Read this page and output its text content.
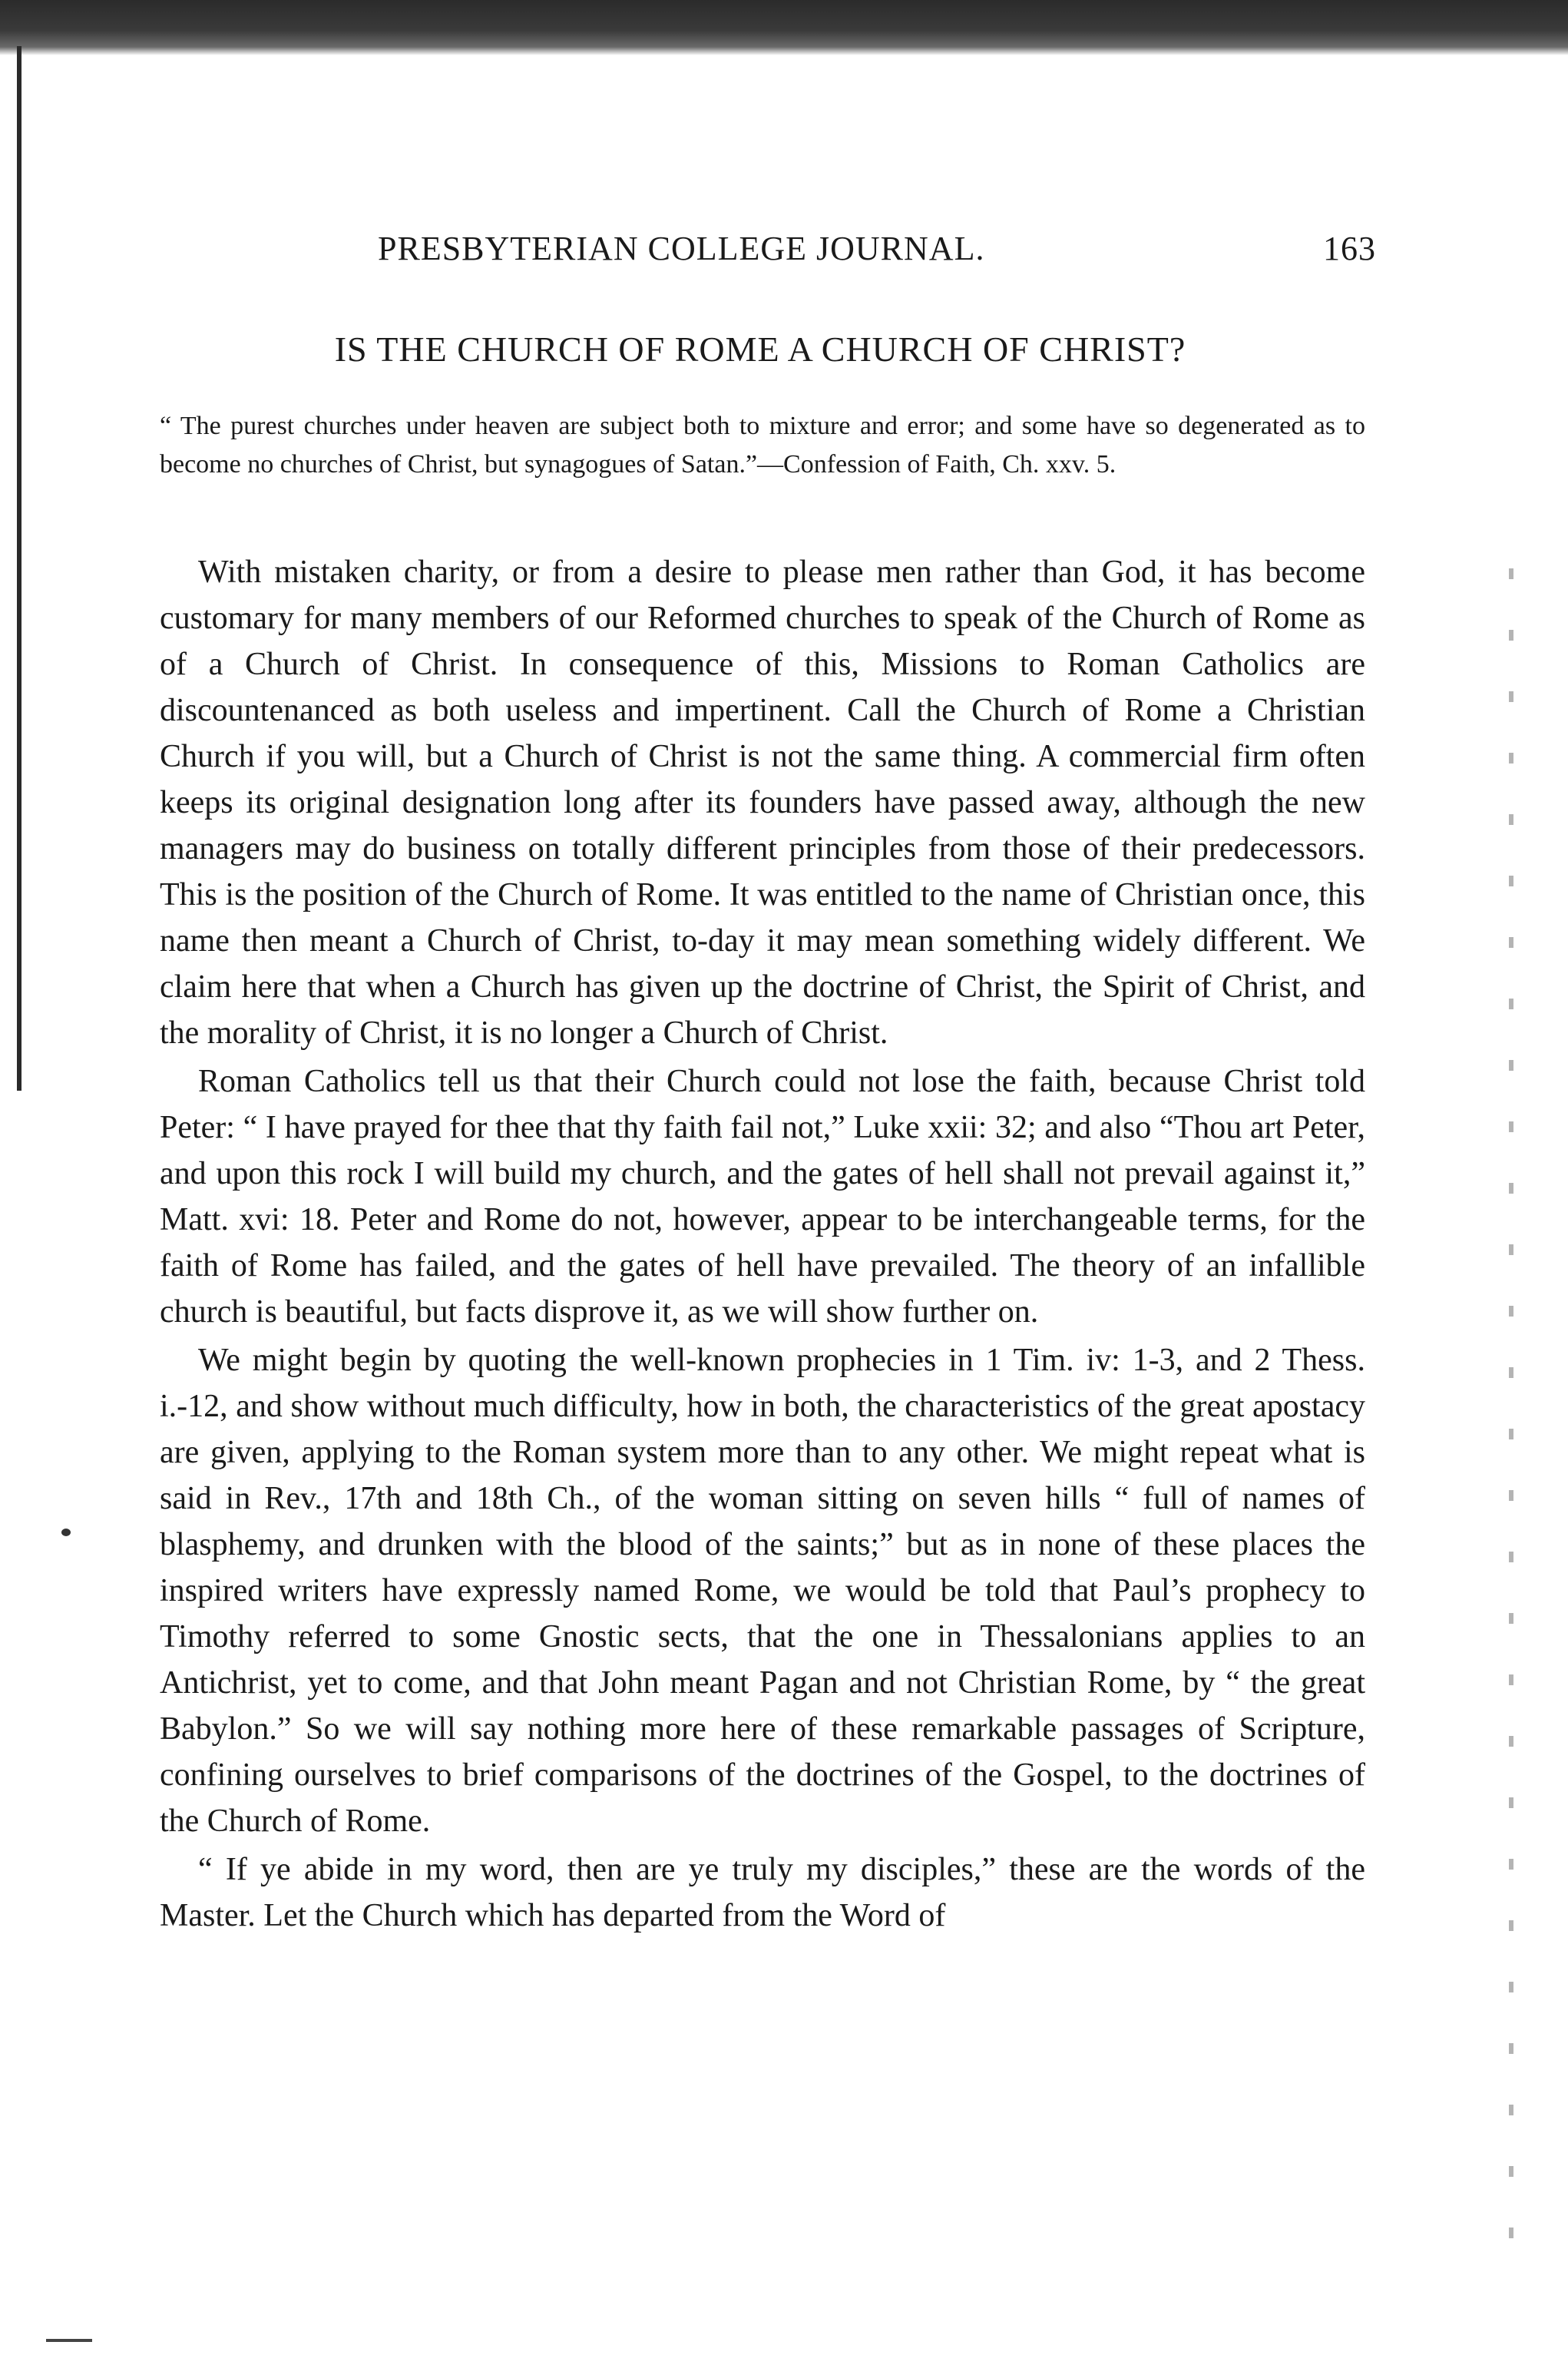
PRESBYTERIAN COLLEGE JOURNAL.	163
IS THE CHURCH OF ROME A CHURCH OF CHRIST?
“ The purest churches under heaven are subject both to mixture and error; and some have so degenerated as to become no churches of Christ, but synagogues of Satan.”—Confession of Faith, Ch. xxv. 5.

With mistaken charity, or from a desire to please men rather than God, it has become customary for many members of our Reformed churches to speak of the Church of Rome as of a Church of Christ. In consequence of this, Missions to Roman Catholics are discountenanced as both useless and impertinent. Call the Church of Rome a Christian Church if you will, but a Church of Christ is not the same thing. A commercial firm often keeps its original designation long after its founders have passed away, although the new managers may do business on totally different principles from those of their predecessors. This is the position of the Church of Rome. It was entitled to the name of Christian once, this name then meant a Church of Christ, to-day it may mean something widely different. We claim here that when a Church has given up the doctrine of Christ, the Spirit of Christ, and the morality of Christ, it is no longer a Church of Christ.

Roman Catholics tell us that their Church could not lose the faith, because Christ told Peter: “ I have prayed for thee that thy faith fail not,” Luke xxii: 32; and also “Thou art Peter, and upon this rock I will build my church, and the gates of hell shall not prevail against it,” Matt. xvi: 18. Peter and Rome do not, however, appear to be interchangeable terms, for the faith of Rome has failed, and the gates of hell have prevailed. The theory of an infallible church is beautiful, but facts disprove it, as we will show further on.

We might begin by quoting the well-known prophecies in 1 Tim. iv: 1-3, and 2 Thess. i.-12, and show without much difficulty, how in both, the characteristics of the great apostacy are given, applying to the Roman system more than to any other. We might repeat what is said in Rev., 17th and 18th Ch., of the woman sitting on seven hills “ full of names of blasphemy, and drunken with the blood of the saints;” but as in none of these places the inspired writers have expressly named Rome, we would be told that Paul’s prophecy to Timothy referred to some Gnostic sects, that the one in Thessalonians applies to an Antichrist, yet to come, and that John meant Pagan and not Christian Rome, by “ the great Babylon.” So we will say nothing more here of these remarkable passages of Scripture, confining ourselves to brief comparisons of the doctrines of the Gospel, to the doctrines of the Church of Rome.

“ If ye abide in my word, then are ye truly my disciples,” these are the words of the Master. Let the Church which has departed from the Word of
